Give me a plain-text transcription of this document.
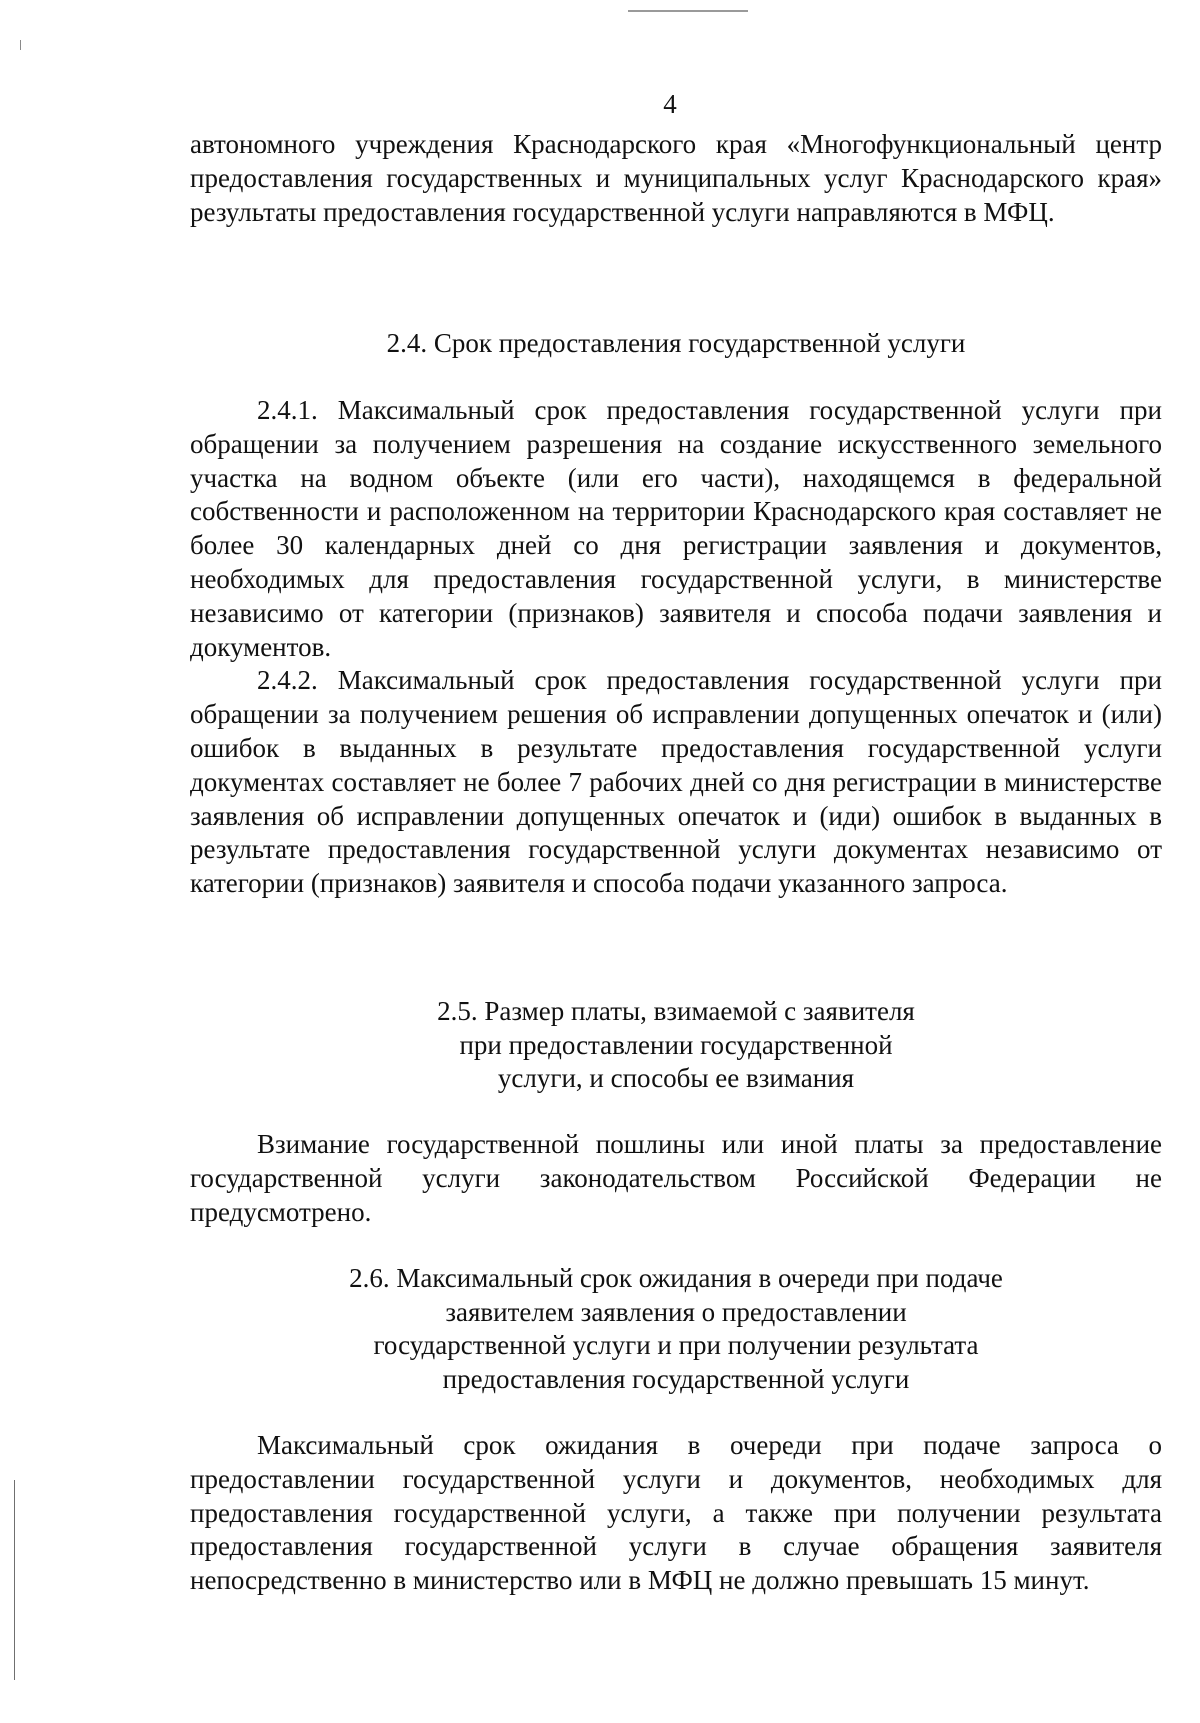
4

автономного учреждения Краснодарского края «Многофункциональный центр предоставления государственных и муниципальных услуг Краснодарского края» результаты предоставления государственной услуги направляются в МФЦ.

2.4. Срок предоставления государственной услуги

2.4.1. Максимальный срок предоставления государственной услуги при обращении за получением разрешения на создание искусственного земельного участка на водном объекте (или его части), находящемся в федеральной собственности и расположенном на территории Краснодарского края составляет не более 30 календарных дней со дня регистрации заявления и документов, необходимых для предоставления государственной услуги, в министерстве независимо от категории (признаков) заявителя и способа подачи заявления и документов.

2.4.2. Максимальный срок предоставления государственной услуги при обращении за получением решения об исправлении допущенных опечаток и (или) ошибок в выданных в результате предоставления государственной услуги документах составляет не более 7 рабочих дней со дня регистрации в министерстве заявления об исправлении допущенных опечаток и (иди) ошибок в выданных в результате предоставления государственной услуги документах независимо от категории (признаков) заявителя и способа подачи указанного запроса.

2.5. Размер платы, взимаемой с заявителя
при предоставлении государственной
услуги, и способы ее взимания

Взимание государственной пошлины или иной платы за предоставление государственной услуги законодательством Российской Федерации не предусмотрено.

2.6. Максимальный срок ожидания в очереди при подаче
заявителем заявления о предоставлении
государственной услуги и при получении результата
предоставления государственной услуги

Максимальный срок ожидания в очереди при подаче запроса о предоставлении государственной услуги и документов, необходимых для предоставления государственной услуги, а также при получении результата предоставления государственной услуги в случае обращения заявителя непосредственно в министерство или в МФЦ не должно превышать 15 минут.
